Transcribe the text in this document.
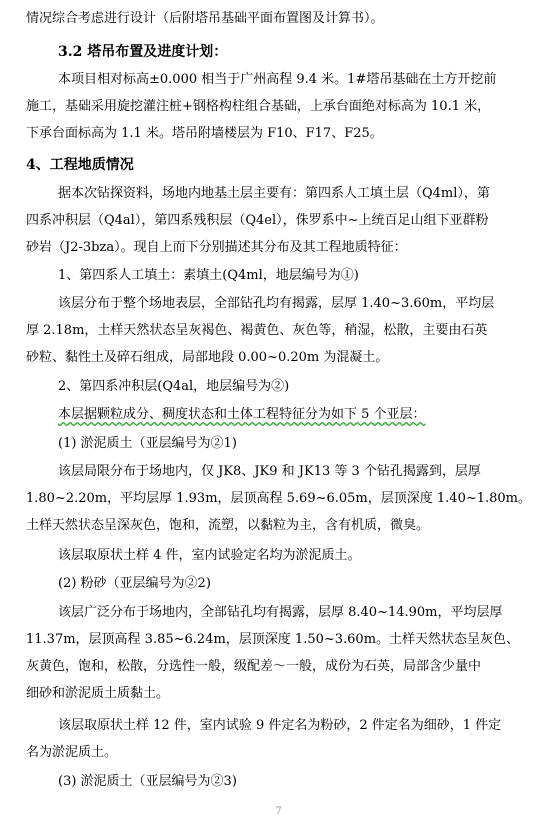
情况综合考虑进行设计（后附塔吊基础平面布置图及计算书）。
3.2 塔吊布置及进度计划：
本项目相对标高±0.000 相当于广州高程 9.4 米。1#塔吊基础在土方开挖前
施工，基础采用旋挖灌注桩+钢格构柱组合基础，上承台面绝对标高为 10.1 米，
下承台面标高为 1.1 米。塔吊附墙楼层为 F10、F17、F25。
4、工程地质情况
据本次钻探资料，场地内地基土层主要有：第四系人工填土层（Q4ml），第
四系冲积层（Q4al），第四系残积层（Q4el），侏罗系中~上统百足山组下亚群粉
砂岩（J2-3bza）。现自上而下分别描述其分布及其工程地质特征：
1、第四系人工填土：素填土(Q4ml，地层编号为①)
该层分布于整个场地表层，全部钻孔均有揭露，层厚 1.40~3.60m，平均层
厚 2.18m，土样天然状态呈灰褐色、褐黄色、灰色等，稍湿，松散，主要由石英
砂粒、黏性土及碎石组成，局部地段 0.00~0.20m 为混凝土。
2、第四系冲积层(Q4al，地层编号为②)
本层据颗粒成分、稠度状态和土体工程特征分为如下 5 个亚层：
(1) 淤泥质土（亚层编号为②1)
该层局限分布于场地内，仅 JK8、JK9 和 JK13 等 3 个钻孔揭露到，层厚
1.80~2.20m，平均层厚 1.93m，层顶高程 5.69~6.05m，层顶深度 1.40~1.80m。
土样天然状态呈深灰色，饱和，流塑，以黏粒为主，含有机质，微臭。
该层取原状土样 4 件，室内试验定名均为淤泥质土。
(2) 粉砂（亚层编号为②2)
该层广泛分布于场地内，全部钻孔均有揭露，层厚 8.40~14.90m，平均层厚
11.37m，层顶高程 3.85~6.24m，层顶深度 1.50~3.60m。土样天然状态呈灰色、
灰黄色，饱和，松散，分选性一般，级配差～一般，成份为石英，局部含少量中
细砂和淤泥质土质黏土。
该层取原状土样 12 件，室内试验 9 件定名为粉砂，2 件定名为细砂，1 件定
名为淤泥质土。
(3) 淤泥质土（亚层编号为②3)
7
